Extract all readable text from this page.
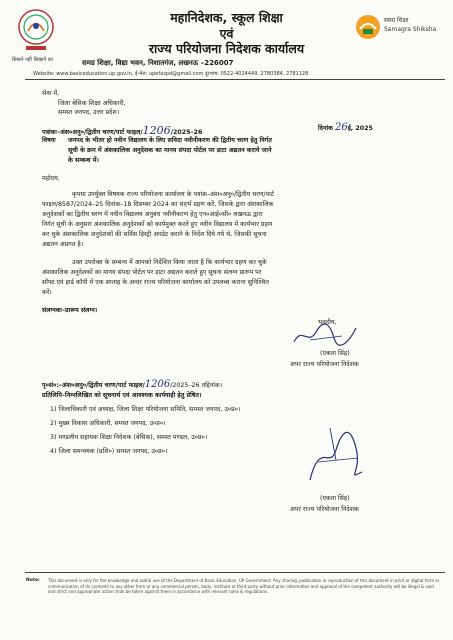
सिखने नहीं सिखाने का
महानिदेशक, स्कूल शिक्षा
एवं
राज्य परियोजना निदेशक कार्यालय
समग्र शिक्षा, विद्या भवन, निशातगंज, लखनऊ –226007
समग्र शिक्षा
Samagra Shiksha
Website: www.basiceducation.up.gov.in, ई-मेल: upefaspd@gmail.com दूरभाष: 0522-4024449, 2780384, 2781128
सेवा में,
जिला बेसिक शिक्षा अधिकारी,
समस्त जनपद, उत्तर प्रदेश।
पत्रांकः–अंश०अनु०/द्वितीय चरण/पार्ट फाइल/1206/2025–26
दिनांक 26ई, 2025
विषयः जनपद के भीतर हो नवीन विद्यालय के लिए सविदा नवीनीकरण की द्वितीय चरण हेतु निर्गत
सूची के क्रम में अंशकालिक अनुदेशक का मानव संपदा पोर्टल पर डाटा अद्यतन कराये जाने
के सम्बन्ध में।
महोदय,
कृपया उपर्युक्त विषयक राज्य परियोजना कार्यालय के पत्रांक–अंश०अनु०/द्वितीय चरण/पार्ट
फाइल/8587/2024–25 दिनांक–18 दिसम्बर 2024 का संदर्भ ग्रहण करें, जिसके द्वारा अंशकालिक
अनुदेशकों का द्वितीय चरण में नवीन विद्यालय अनुबंध नवीनीकरण हेतु एन०आई०सी० लखनऊ द्वारा
निर्गत सूची के अनुसार अंशकालिक अनुदेशकों को कार्यमुक्त करते हुए नवीन विद्यालय में कार्यभार ग्रहण
कर चुके अंशकालिक अनुदेशकों की सर्विस हिस्ट्री अपडेट कराने के निर्देश दिये गये थे, जिसकी सूचना
अद्यतन अप्राप्त है।
उक्त उपरोक्त के सम्बन्ध में आपको निर्देशित किया जाता है कि कार्यभार ग्रहण कर चुके
अंशकालिक अनुदेशकों का मानव संपदा पोर्टल पर डाटा अद्यतन कराते हुए सूचना संलग्न प्रारूप पर
सॉफ्ट एवं हार्ड कॉपी में एक सप्ताह के अन्दर राज्य परियोजना कार्यालय को उपलब्ध कराना सुनिश्चित
करें।
संलग्नकः–प्रारूप संलग्न।
भवदीय,
(एकता सिंह)
अपर राज्य परियोजना निदेशक
पृ०सं०:–अंश०अनु०/द्वितीय चरण/पार्ट फाइल/1206/2025–26 तद्दिनांक।
प्रतिलिपि–निम्नलिखित को सूचनार्थ एवं आवश्यक कार्यवाही हेतु प्रेषित।
1) जिलाधिकारी एवं अध्यक्ष, जिला शिक्षा परियोजना समिति, समस्त जनपद, उ०प्र०।
2) मुख्य विकास अधिकारी, समस्त जनपद, उ०प्र०।
3) मण्डलीय सहायक शिक्षा निदेशक (बेसिक), समस्त मण्डल, उ०प्र०।
4) जिला समन्वयक (प्रशि०) समस्त जनपद, उ०प्र०।
(एकता सिंह)
अपर राज्य परियोजना निदेशक
Note: This document is only for the knowledge and lawful use of the Department of Basic Education, UP Government. Any sharing, publication or reproduction of this document in print or digital form or communication of its contents to any other form or any commercial person, body, institute or third party without prior information and approval of the competent authority will be illegal & void and strict and appropriate action shall be taken against them in accordance with relevant rules & regulations.
